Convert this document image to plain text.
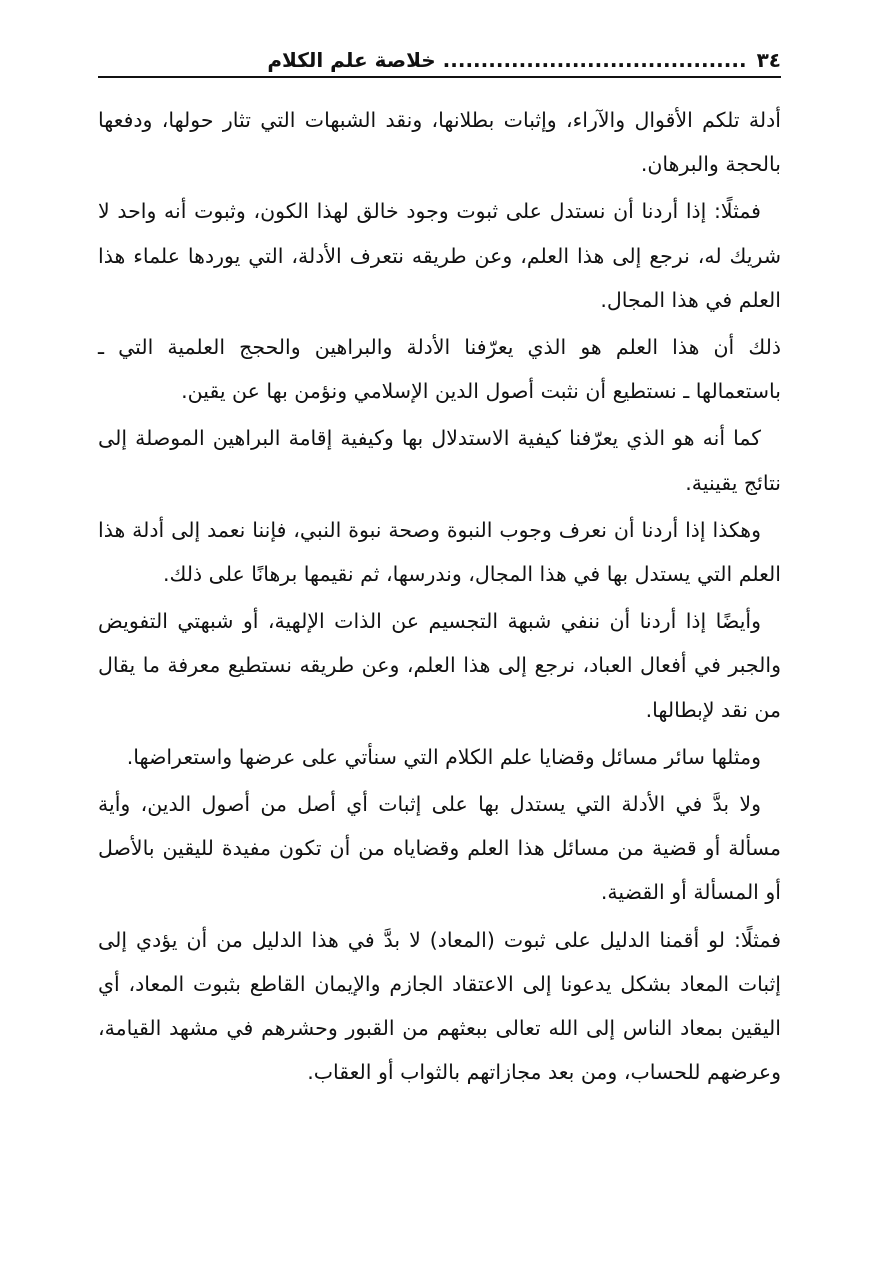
٣٤
........................................ خلاصة علم الكلام

أدلة تلكم الأقوال والآراء، وإثبات بطلانها، ونقد الشبهات التي تثار حولها، ودفعها بالحجة والبرهان.

فمثلًا: إذا أردنا أن نستدل على ثبوت وجود خالق لهذا الكون، وثبوت أنه واحد لا شريك له، نرجع إلى هذا العلم، وعن طريقه نتعرف الأدلة، التي يوردها علماء هذا العلم في هذا المجال.

ذلك أن هذا العلم هو الذي يعرّفنا الأدلة والبراهين والحجج العلمية التي ـ باستعمالها ـ نستطيع أن نثبت أصول الدين الإسلامي ونؤمن بها عن يقين.

كما أنه هو الذي يعرّفنا كيفية الاستدلال بها وكيفية إقامة البراهين الموصلة إلى نتائج يقينية.

وهكذا إذا أردنا أن نعرف وجوب النبوة وصحة نبوة النبي، فإننا نعمد إلى أدلة هذا العلم التي يستدل بها في هذا المجال، وندرسها، ثم نقيمها برهانًا على ذلك.

وأيضًا إذا أردنا أن ننفي شبهة التجسيم عن الذات الإلهية، أو شبهتي التفويض والجبر في أفعال العباد، نرجع إلى هذا العلم، وعن طريقه نستطيع معرفة ما يقال من نقد لإبطالها.

ومثلها سائر مسائل وقضايا علم الكلام التي سنأتي على عرضها واستعراضها.

ولا بدَّ في الأدلة التي يستدل بها على إثبات أي أصل من أصول الدين، وأية مسألة أو قضية من مسائل هذا العلم وقضاياه من أن تكون مفيدة لليقين بالأصل أو المسألة أو القضية.

فمثلًا: لو أقمنا الدليل على ثبوت (المعاد) لا بدَّ في هذا الدليل من أن يؤدي إلى إثبات المعاد بشكل يدعونا إلى الاعتقاد الجازم والإيمان القاطع بثبوت المعاد، أي اليقين بمعاد الناس إلى الله تعالى ببعثهم من القبور وحشرهم في مشهد القيامة، وعرضهم للحساب، ومن بعد مجازاتهم بالثواب أو العقاب.
